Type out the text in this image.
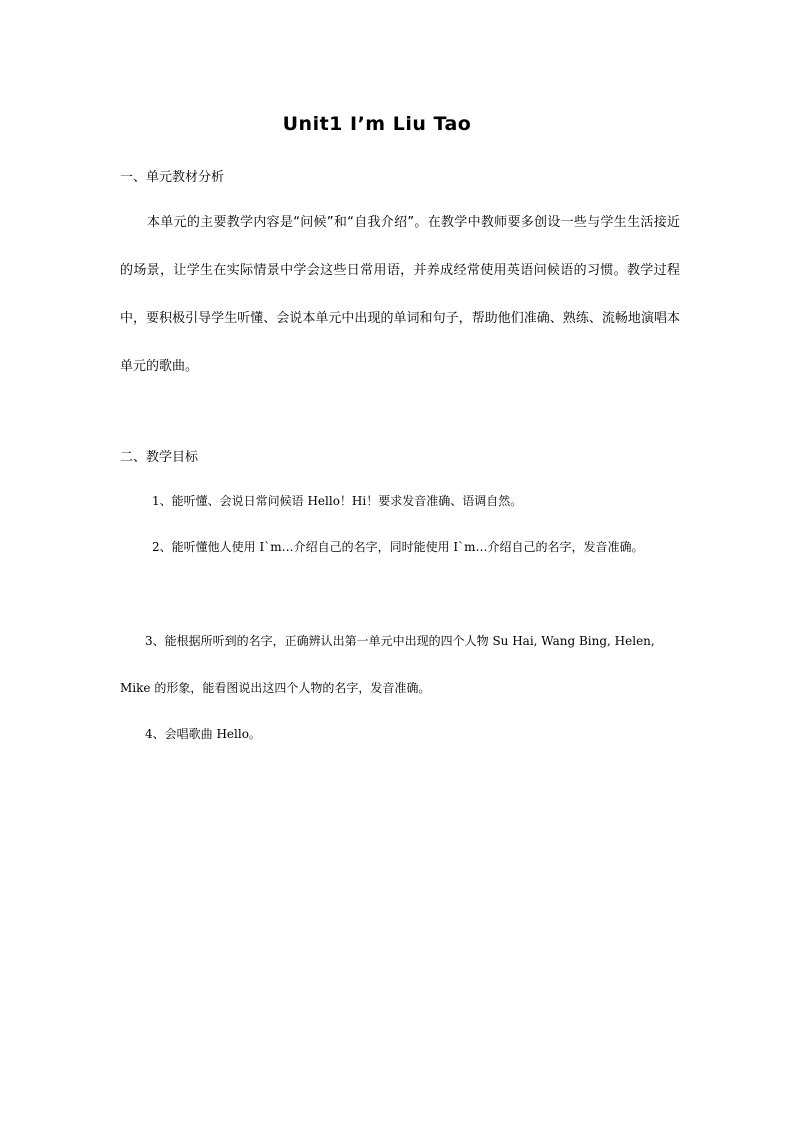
Unit1 I’m Liu Tao
一、单元教材分析
本单元的主要教学内容是“问候”和“自我介绍”。在教学中教师要多创设一些与学生生活接近的场景，让学生在实际情景中学会这些日常用语，并养成经常使用英语问候语的习惯。教学过程中，要积极引导学生听懂、会说本单元中出现的单词和句子，帮助他们准确、熟练、流畅地演唱本单元的歌曲。
二、教学目标
1、能听懂、会说日常问候语 Hello！Hi！要求发音准确、语调自然。
2、能听懂他人使用 I`m…介绍自己的名字，同时能使用 I`m…介绍自己的名字，发音准确。
3、能根据所听到的名字，正确辨认出第一单元中出现的四个人物 Su Hai, Wang Bing, Helen, Mike 的形象，能看图说出这四个人物的名字，发音准确。
4、会唱歌曲 Hello。
